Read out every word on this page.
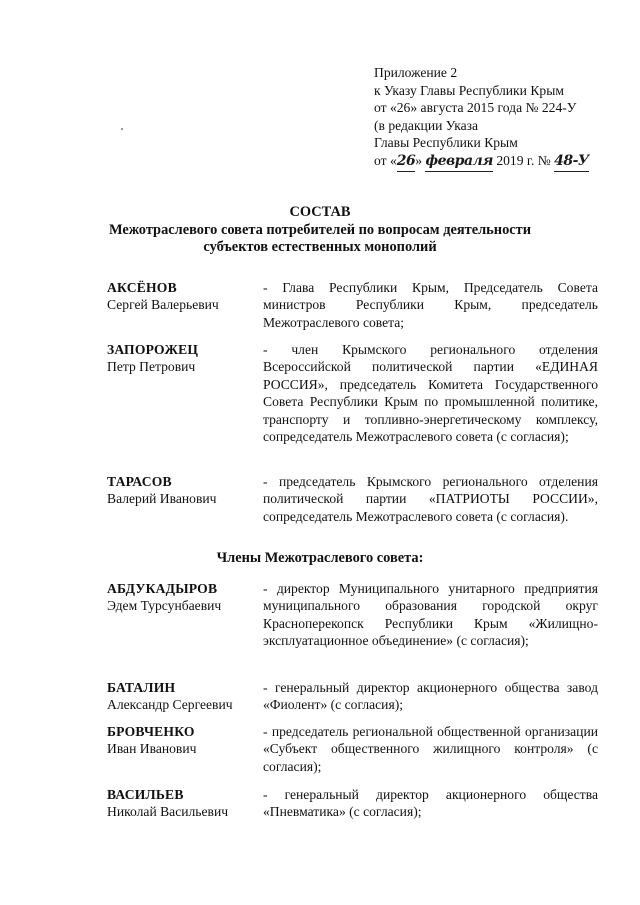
Приложение 2
к Указу Главы Республики Крым
от «26» августа 2015 года № 224-У
(в редакции Указа
Главы Республики Крым
от «26» февраля 2019 г. № 48-У
СОСТАВ
Межотраслевого совета потребителей по вопросам деятельности
субъектов естественных монополий
АКСЁНОВ
Сергей Валерьевич
- Глава Республики Крым, Председатель Совета министров Республики Крым, председатель Межотраслевого совета;
ЗАПОРОЖЕЦ
Петр Петрович
- член Крымского регионального отделения Всероссийской политической партии «ЕДИНАЯ РОССИЯ», председатель Комитета Государственного Совета Республики Крым по промышленной политике, транспорту и топливно-энергетическому комплексу, сопредседатель Межотраслевого совета (с согласия);
ТАРАСОВ
Валерий Иванович
- председатель Крымского регионального отделения политической партии «ПАТРИОТЫ РОССИИ», сопредседатель Межотраслевого совета (с согласия).
Члены Межотраслевого совета:
АБДУКАДЫРОВ
Эдем Турсунбаевич
- директор Муниципального унитарного предприятия муниципального образования городской округ Красноперекопск Республики Крым «Жилищно-эксплуатационное объединение» (с согласия);
БАТАЛИН
Александр Сергеевич
- генеральный директор акционерного общества завод «Фиолент» (с согласия);
БРОВЧЕНКО
Иван Иванович
- председатель региональной общественной организации «Субъект общественного жилищного контроля» (с согласия);
ВАСИЛЬЕВ
Николай Васильевич
- генеральный директор акционерного общества «Пневматика» (с согласия);
